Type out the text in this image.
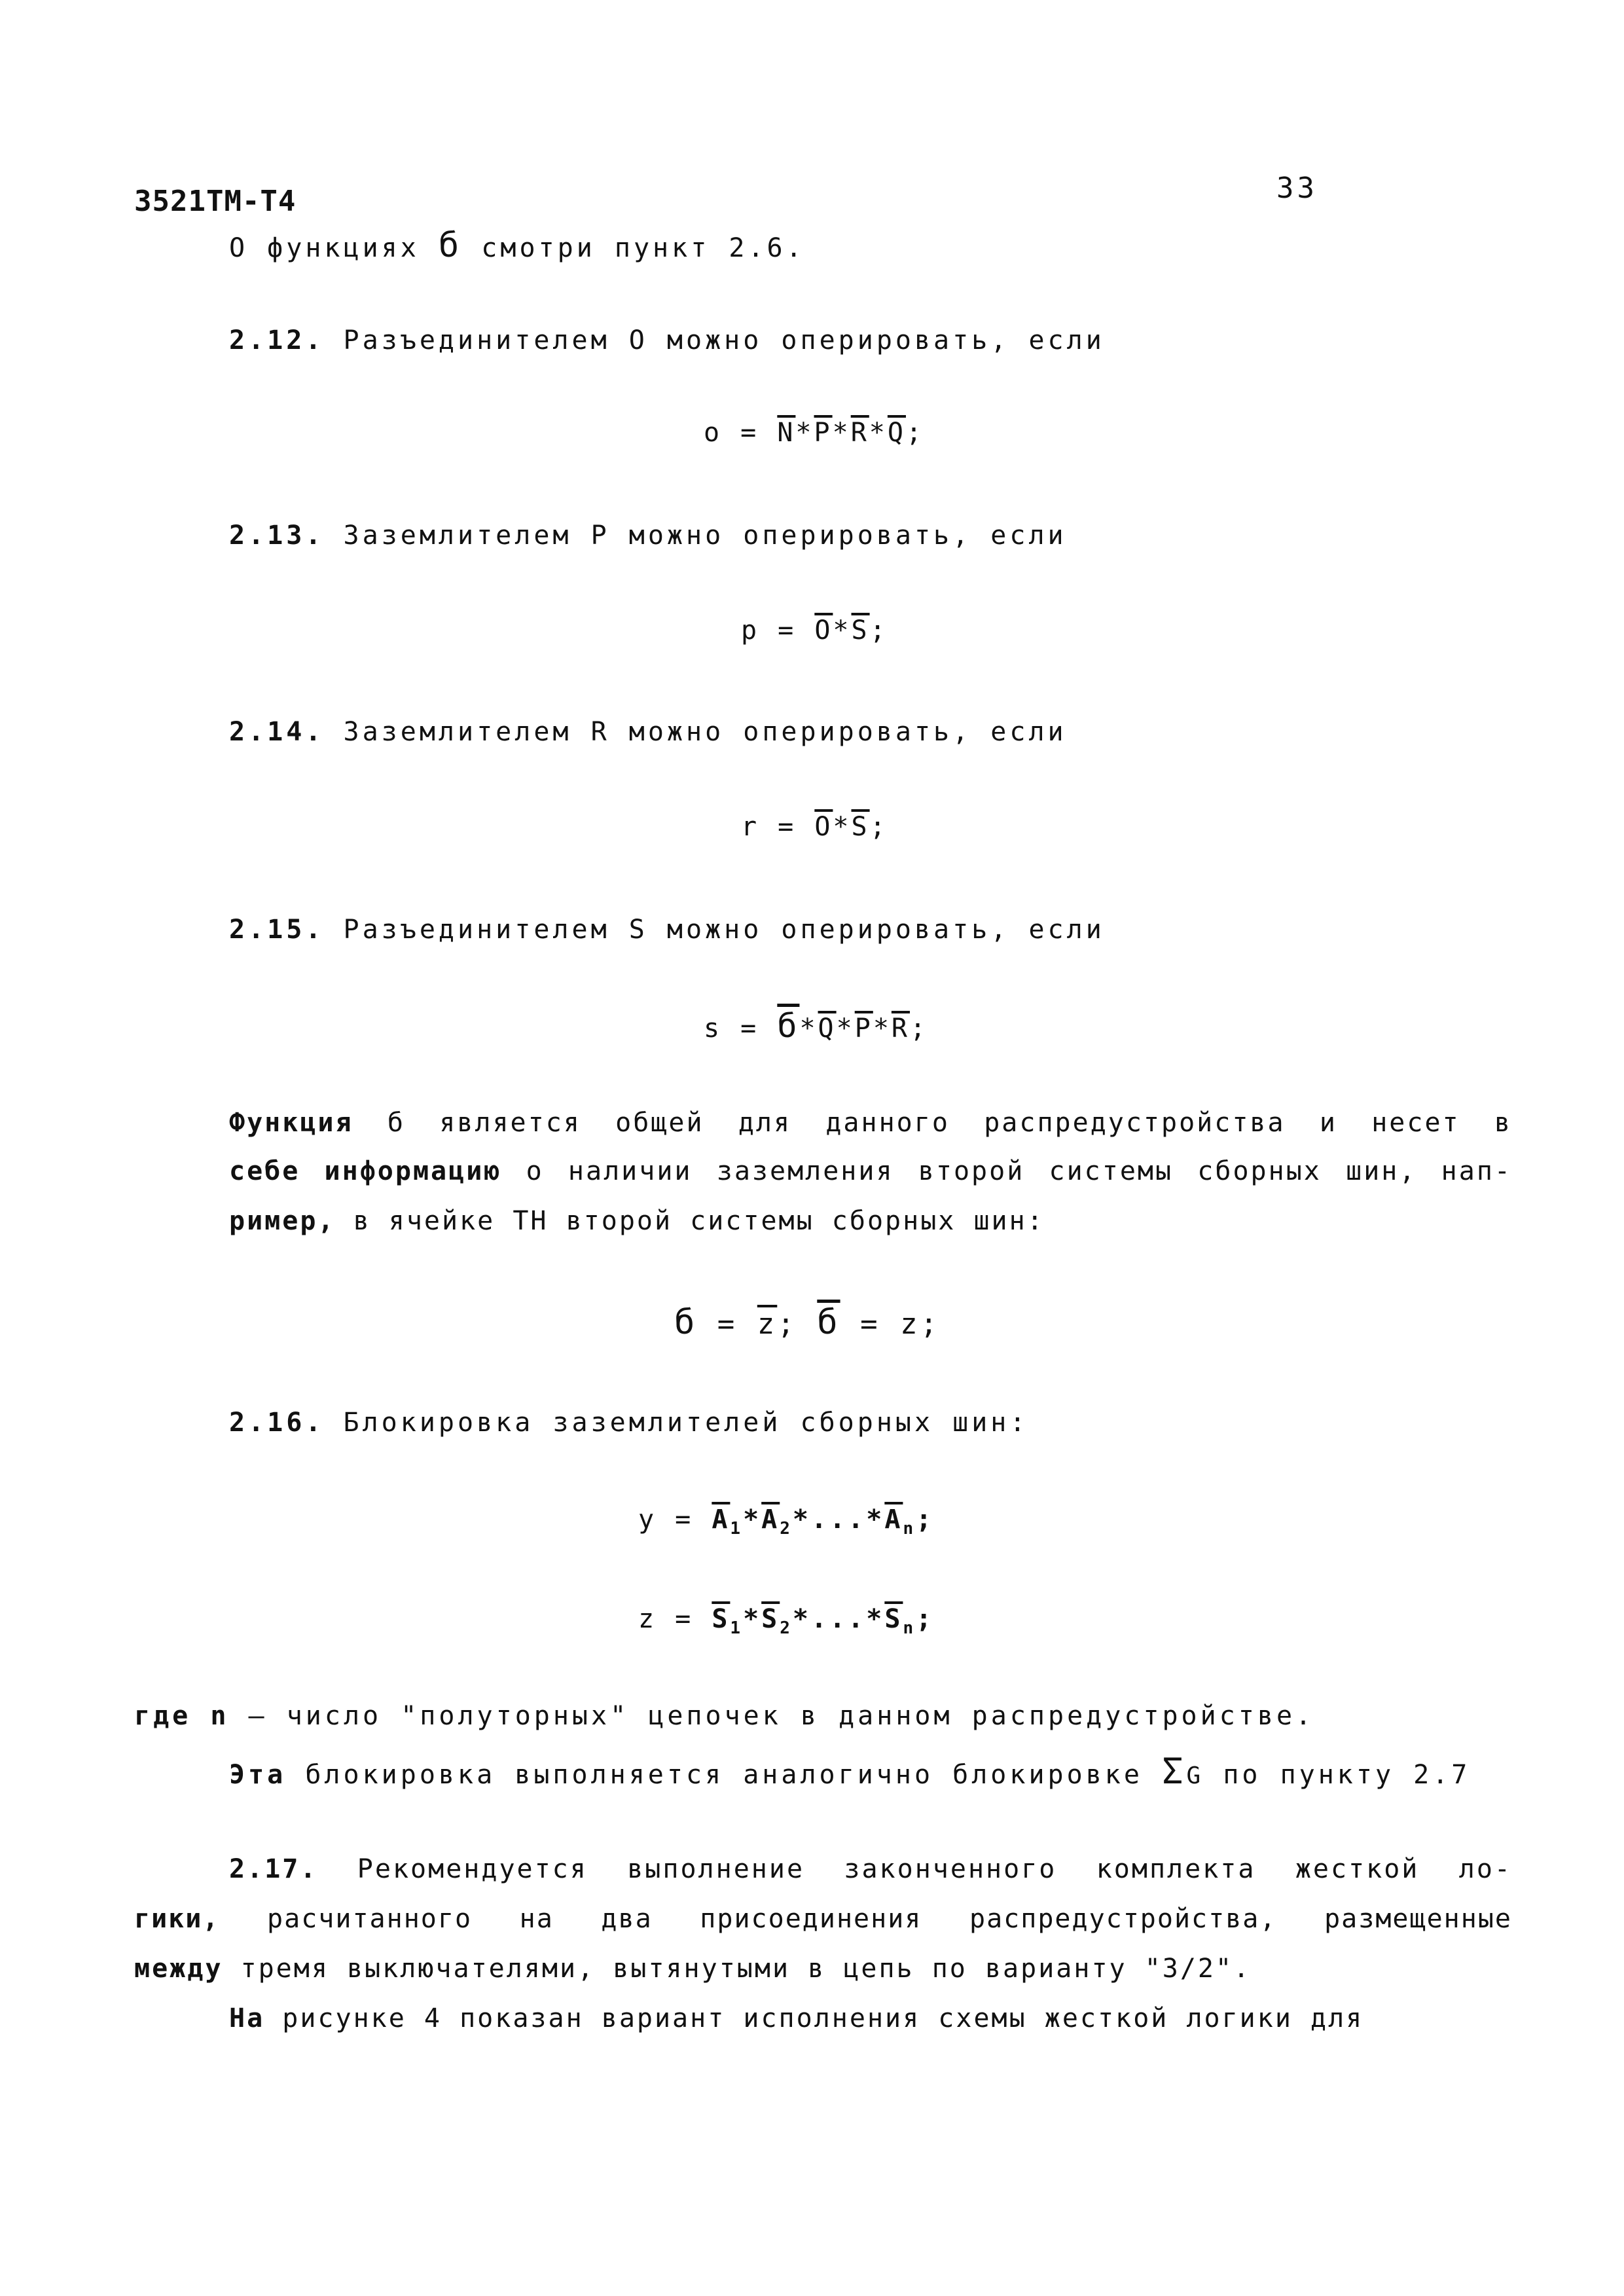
3521ТМ-Т4	33
О функциях б смотри пункт 2.6.
2.12. Разъединителем О можно оперировать, если
$о = \overline{N}*\overline{P}*\overline{R}*\overline{Q}$;
2.13. Заземлителем Р можно оперировать, если
$p = \overline{O}*\overline{S}$;
2.14. Заземлителем R можно оперировать, если
$r = \overline{O}*\overline{S}$;
2.15. Разъединителем S можно оперировать, если
$s = б*\overline{Q}*\overline{P}*\overline{R}$;
Функция б является общей для данного распредустройства и несет в
себе информацию о наличии заземления второй системы сборных шин, нап-
ример, в ячейке ТН второй системы сборных шин:
$б = \overline{z}$; б = z;
2.16. Блокировка заземлителей сборных шин:
$y = \overline{A}_1*\overline{A}_2*...*\overline{A}_n$;
$z = \overline{S}_1*\overline{S}_2*...*\overline{S}_n$;
где n – число "полуторных" цепочек в данном распредустройстве.
Эта блокировка выполняется аналогично блокировке ΣG по пункту 2.7
2.17. Рекомендуется выполнение законченного комплекта жесткой ло-
гики, расчитанного на два присоединения распредустройства, размещенные
между тремя выключателями, вытянутыми в цепь по варианту "3/2".
На рисунке 4 показан вариант исполнения схемы жесткой логики для
